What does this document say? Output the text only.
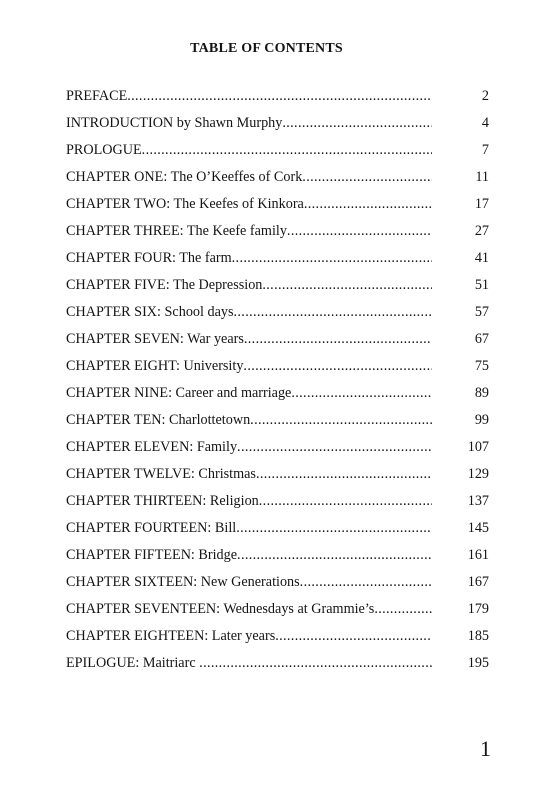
TABLE OF CONTENTS
PREFACE .....	2
INTRODUCTION by Shawn Murphy .....	4
PROLOGUE .....	7
CHAPTER ONE: The O’Keeffes of Cork .....	11
CHAPTER TWO: The Keefes of Kinkora .....	17
CHAPTER THREE: The Keefe family .....	27
CHAPTER FOUR: The farm .....	41
CHAPTER FIVE: The Depression .....	51
CHAPTER SIX: School days .....	57
CHAPTER SEVEN: War years .....	67
CHAPTER EIGHT: University .....	75
CHAPTER NINE: Career and marriage .....	89
CHAPTER TEN: Charlottetown .....	99
CHAPTER ELEVEN: Family .....	107
CHAPTER TWELVE: Christmas .....	129
CHAPTER THIRTEEN: Religion .....	137
CHAPTER FOURTEEN: Bill .....	145
CHAPTER FIFTEEN: Bridge .....	161
CHAPTER SIXTEEN: New Generations .....	167
CHAPTER SEVENTEEN: Wednesdays at Grammie’s .....	179
CHAPTER EIGHTEEN: Later years .....	185
EPILOGUE: Maitriarc .....	195
1
